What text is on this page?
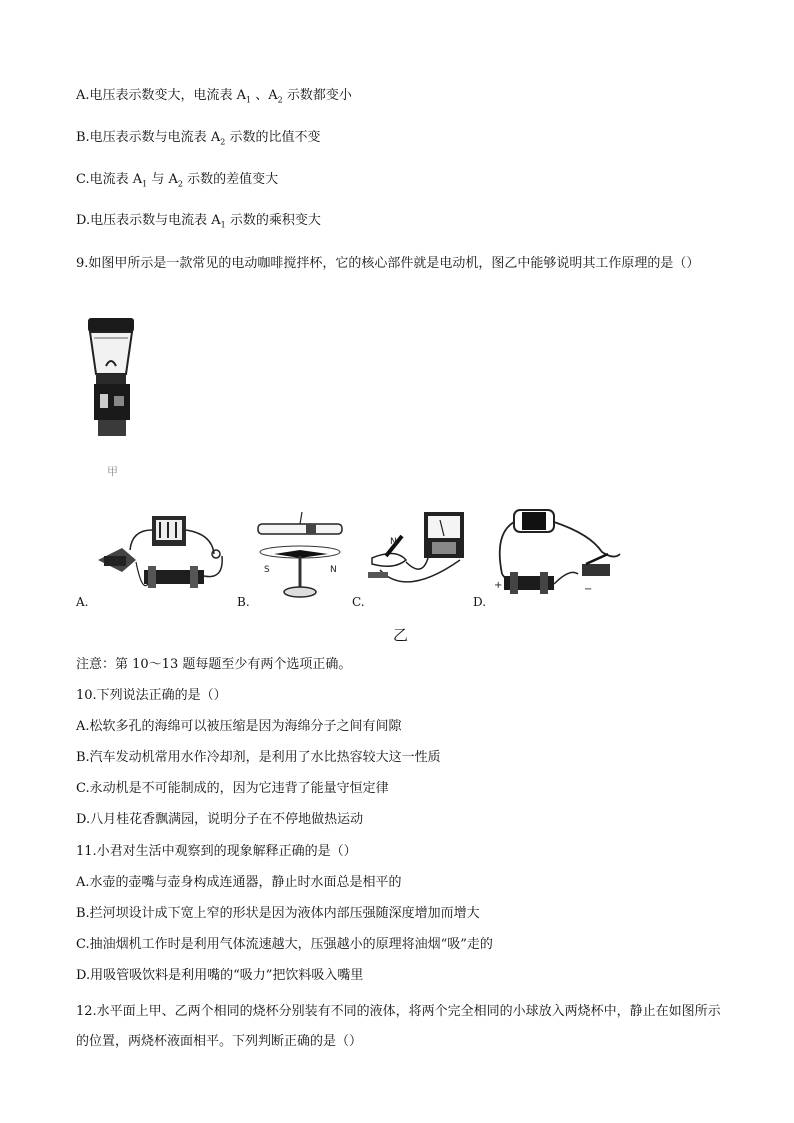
A.电压表示数变大，电流表 $A_1$ 、$A_2$ 示数都变小
B.电压表示数与电流表 $A_2$ 示数的比值不变
C.电流表 $A_1$ 与 $A_2$ 示数的差值变大
D.电压表示数与电流表 $A_1$ 示数的乘积变大
9.如图甲所示是一款常见的电动咖啡搅拌杯，它的核心部件就是电动机，图乙中能够说明其工作原理的是（）
甲
A.
S	N
B.
N
C.
+	−
D.
乙
注意：第 10～13 题每题至少有两个选项正确。
10.下列说法正确的是（）
A.松软多孔的海绵可以被压缩是因为海绵分子之间有间隙
B.汽车发动机常用水作冷却剂，是利用了水比热容较大这一性质
C.永动机是不可能制成的，因为它违背了能量守恒定律
D.八月桂花香飘满园，说明分子在不停地做热运动
11.小君对生活中观察到的现象解释正确的是（）
A.水壶的壶嘴与壶身构成连通器，静止时水面总是相平的
B.拦河坝设计成下宽上窄的形状是因为液体内部压强随深度增加而增大
C.抽油烟机工作时是利用气体流速越大，压强越小的原理将油烟“吸”走的
D.用吸管吸饮料是利用嘴的“吸力”把饮料吸入嘴里
12.水平面上甲、乙两个相同的烧杯分别装有不同的液体，将两个完全相同的小球放入两烧杯中，静止在如图所示的位置，两烧杯液面相平。下列判断正确的是（）
